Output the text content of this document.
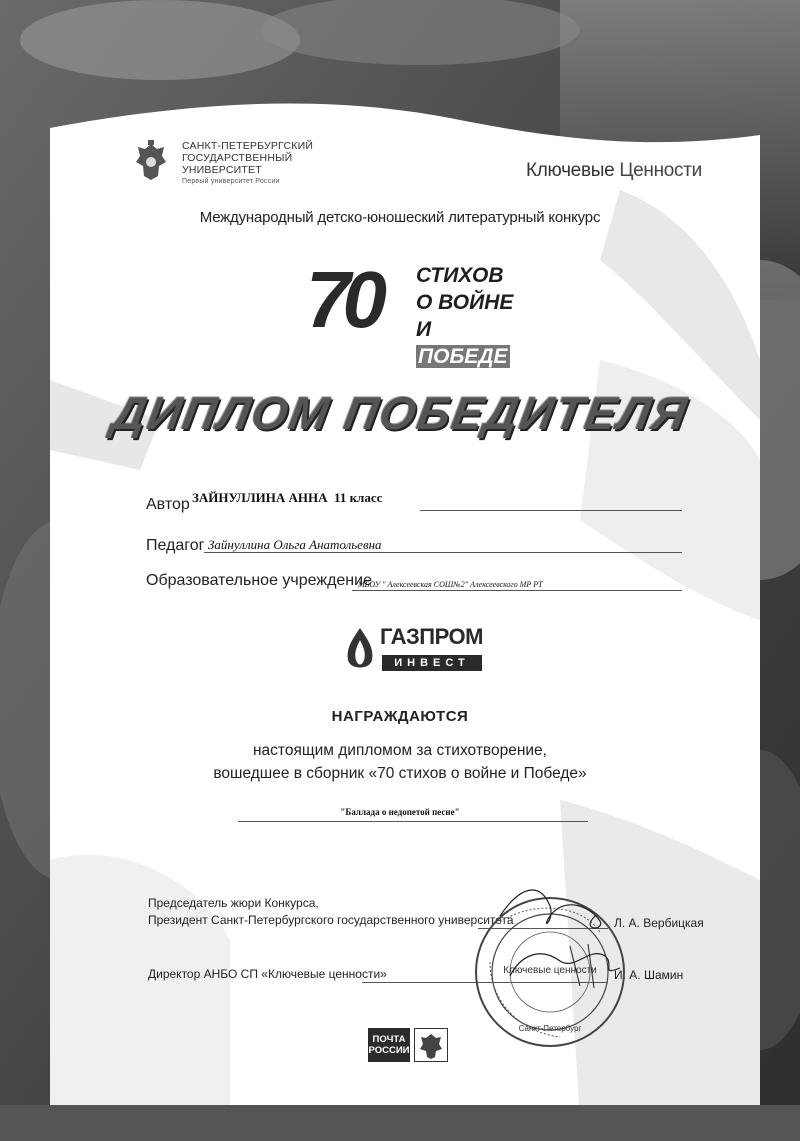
САНКТ-ПЕТЕРБУРГСКИЙ
ГОСУДАРСТВЕННЫЙ
УНИВЕРСИТЕТ
Первый университет России
Ключевые Ценности
Международный детско-юношеский литературный конкурс
70 СТИХОВ
О ВОЙНЕ
И ПОБЕДЕ
ДИПЛОМ ПОБЕДИТЕЛЯ
Автор ЗАЙНУЛЛИНА АННА  11 класс
Педагог Зайнуллина Ольга Анатольевна
Образовательное учреждение
МБОУ " Алексеевская СОШ№2" Алексеевского МР РТ
ГАЗПРОМ
ИНВЕСТ
НАГРАЖДАЮТСЯ
настоящим дипломом за стихотворение,
вошедшее в сборник «70 стихов о войне и Победе»
"Баллада о недопетой песне"
Председатель жюри Конкурса,
Президент Санкт-Петербургского государственного университета	Л. А. Вербицкая
Директор АНБО СП «Ключевые ценности»	И. А. Шамин
Ключевые ценности
Санкт-Петербург
ПОЧТА
РОССИИ
